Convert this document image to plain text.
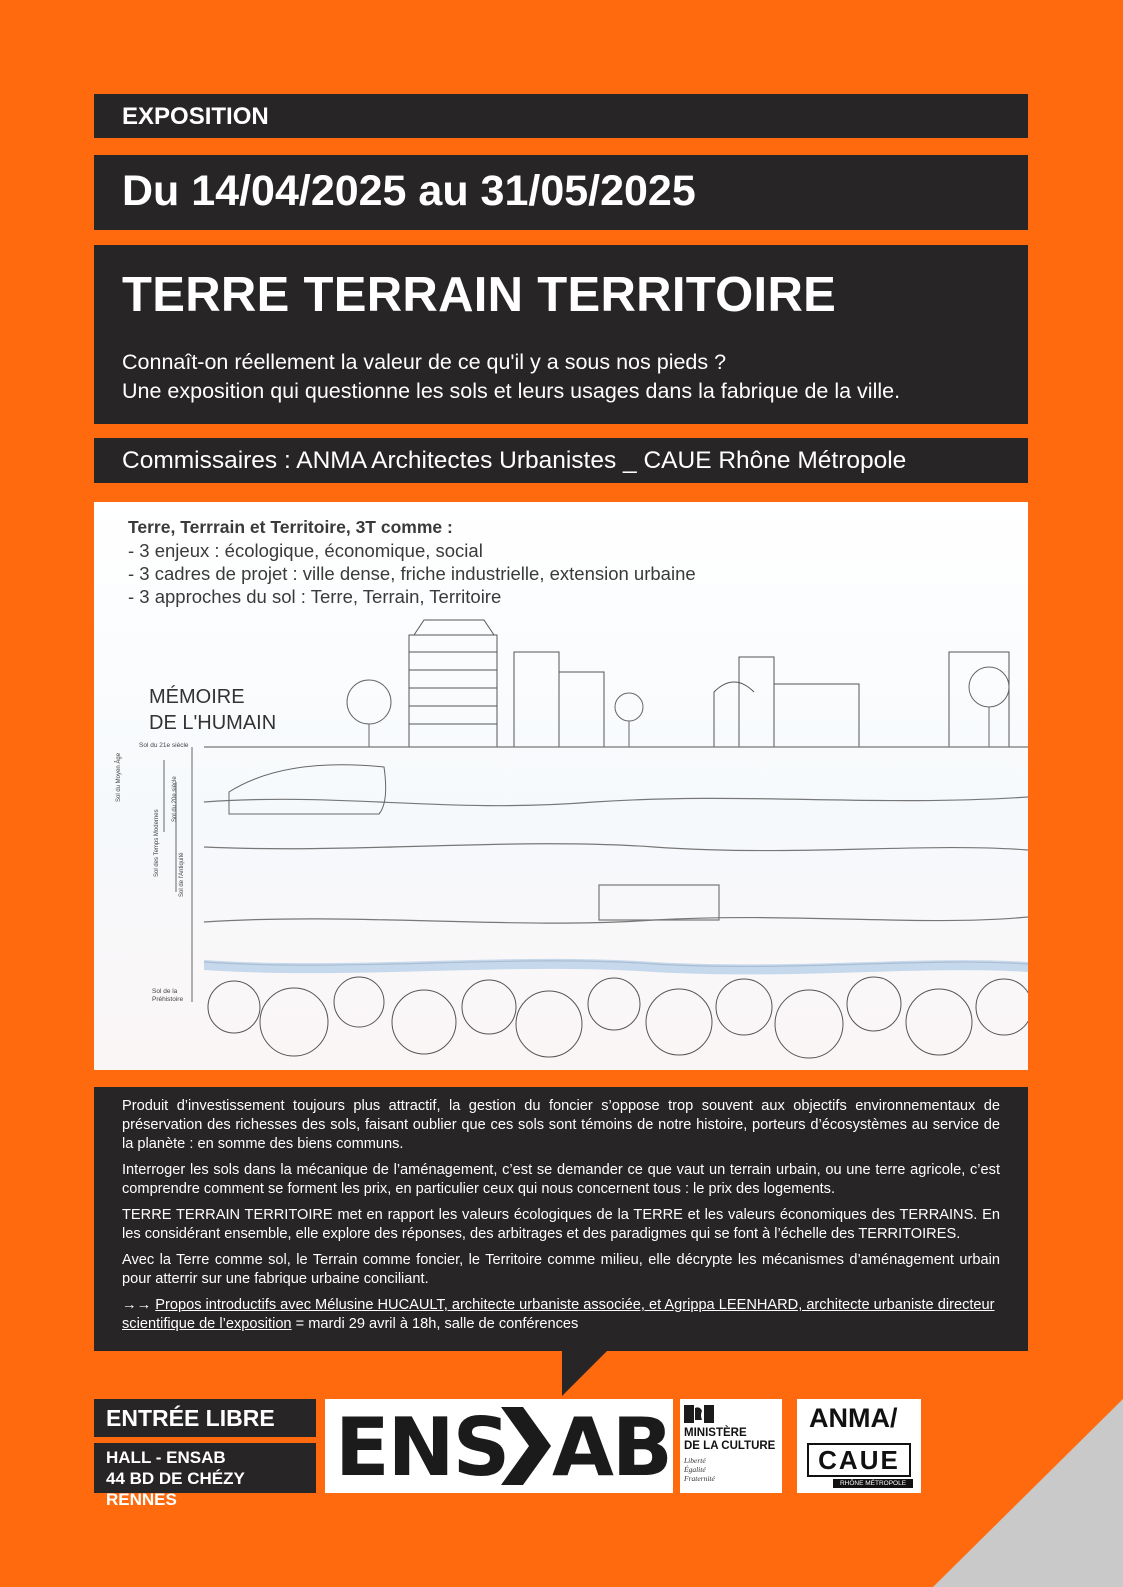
EXPOSITION
Du 14/04/2025 au 31/05/2025
TERRE TERRAIN TERRITOIRE

Connaît-on réellement la valeur de ce qu'il y a sous nos pieds ?

Une exposition qui questionne les sols et leurs usages dans la fabrique de la ville.

Commissaires : ANMA Architectes Urbanistes _ CAUE Rhône Métropole
Terre, Terrrain et Territoire, 3T comme :
- 3 enjeux : écologique, économique, social
- 3 cadres de projet : ville dense, friche industrielle, extension urbaine
- 3 approches du sol : Terre, Terrain, Territoire
MÉMOIRE
DE L'HUMAIN
Sol du 21e siècle
Sol du Moyen Âge
Sol des Temps Modernes
Sol du 20e siècle
Sol de l'Antiquité
Sol de la Préhistoire

Produit d’investissement toujours plus attractif, la gestion du foncier s’oppose trop souvent aux objectifs environnementaux de préservation des richesses des sols, faisant oublier que ces sols sont témoins de notre histoire, porteurs d’écosystèmes au service de la planète : en somme des biens communs.

Interroger les sols dans la mécanique de l’aménagement, c’est se demander ce que vaut un terrain urbain, ou une terre agricole, c’est comprendre comment se forment les prix, en particulier ceux qui nous concernent tous : le prix des logements.

TERRE TERRAIN TERRITOIRE met en rapport les valeurs écologiques de la TERRE et les valeurs économiques des TERRAINS. En les considérant ensemble, elle explore des réponses, des arbitrages et des paradigmes qui se font à l’échelle des TERRITOIRES.

Avec la Terre comme sol, le Terrain comme foncier, le Territoire comme milieu, elle décrypte les mécanismes d’aménagement urbain pour atterrir sur une fabrique urbaine conciliant.

→→ Propos introductifs avec Mélusine HUCAULT, architecte urbaniste associée, et Agrippa LEENHARD, architecte urbaniste directeur scientifique de l’exposition = mardi 29 avril à 18h, salle de conférences

ENTRÉE LIBRE
HALL - ENSAB
44 BD DE CHÉZY RENNES
ENS AB MINISTÈRE
DE LA CULTURE
Liberté
Égalité
Fraternité
ANMA/
CAUE
RHÔNE MÉTROPOLE
